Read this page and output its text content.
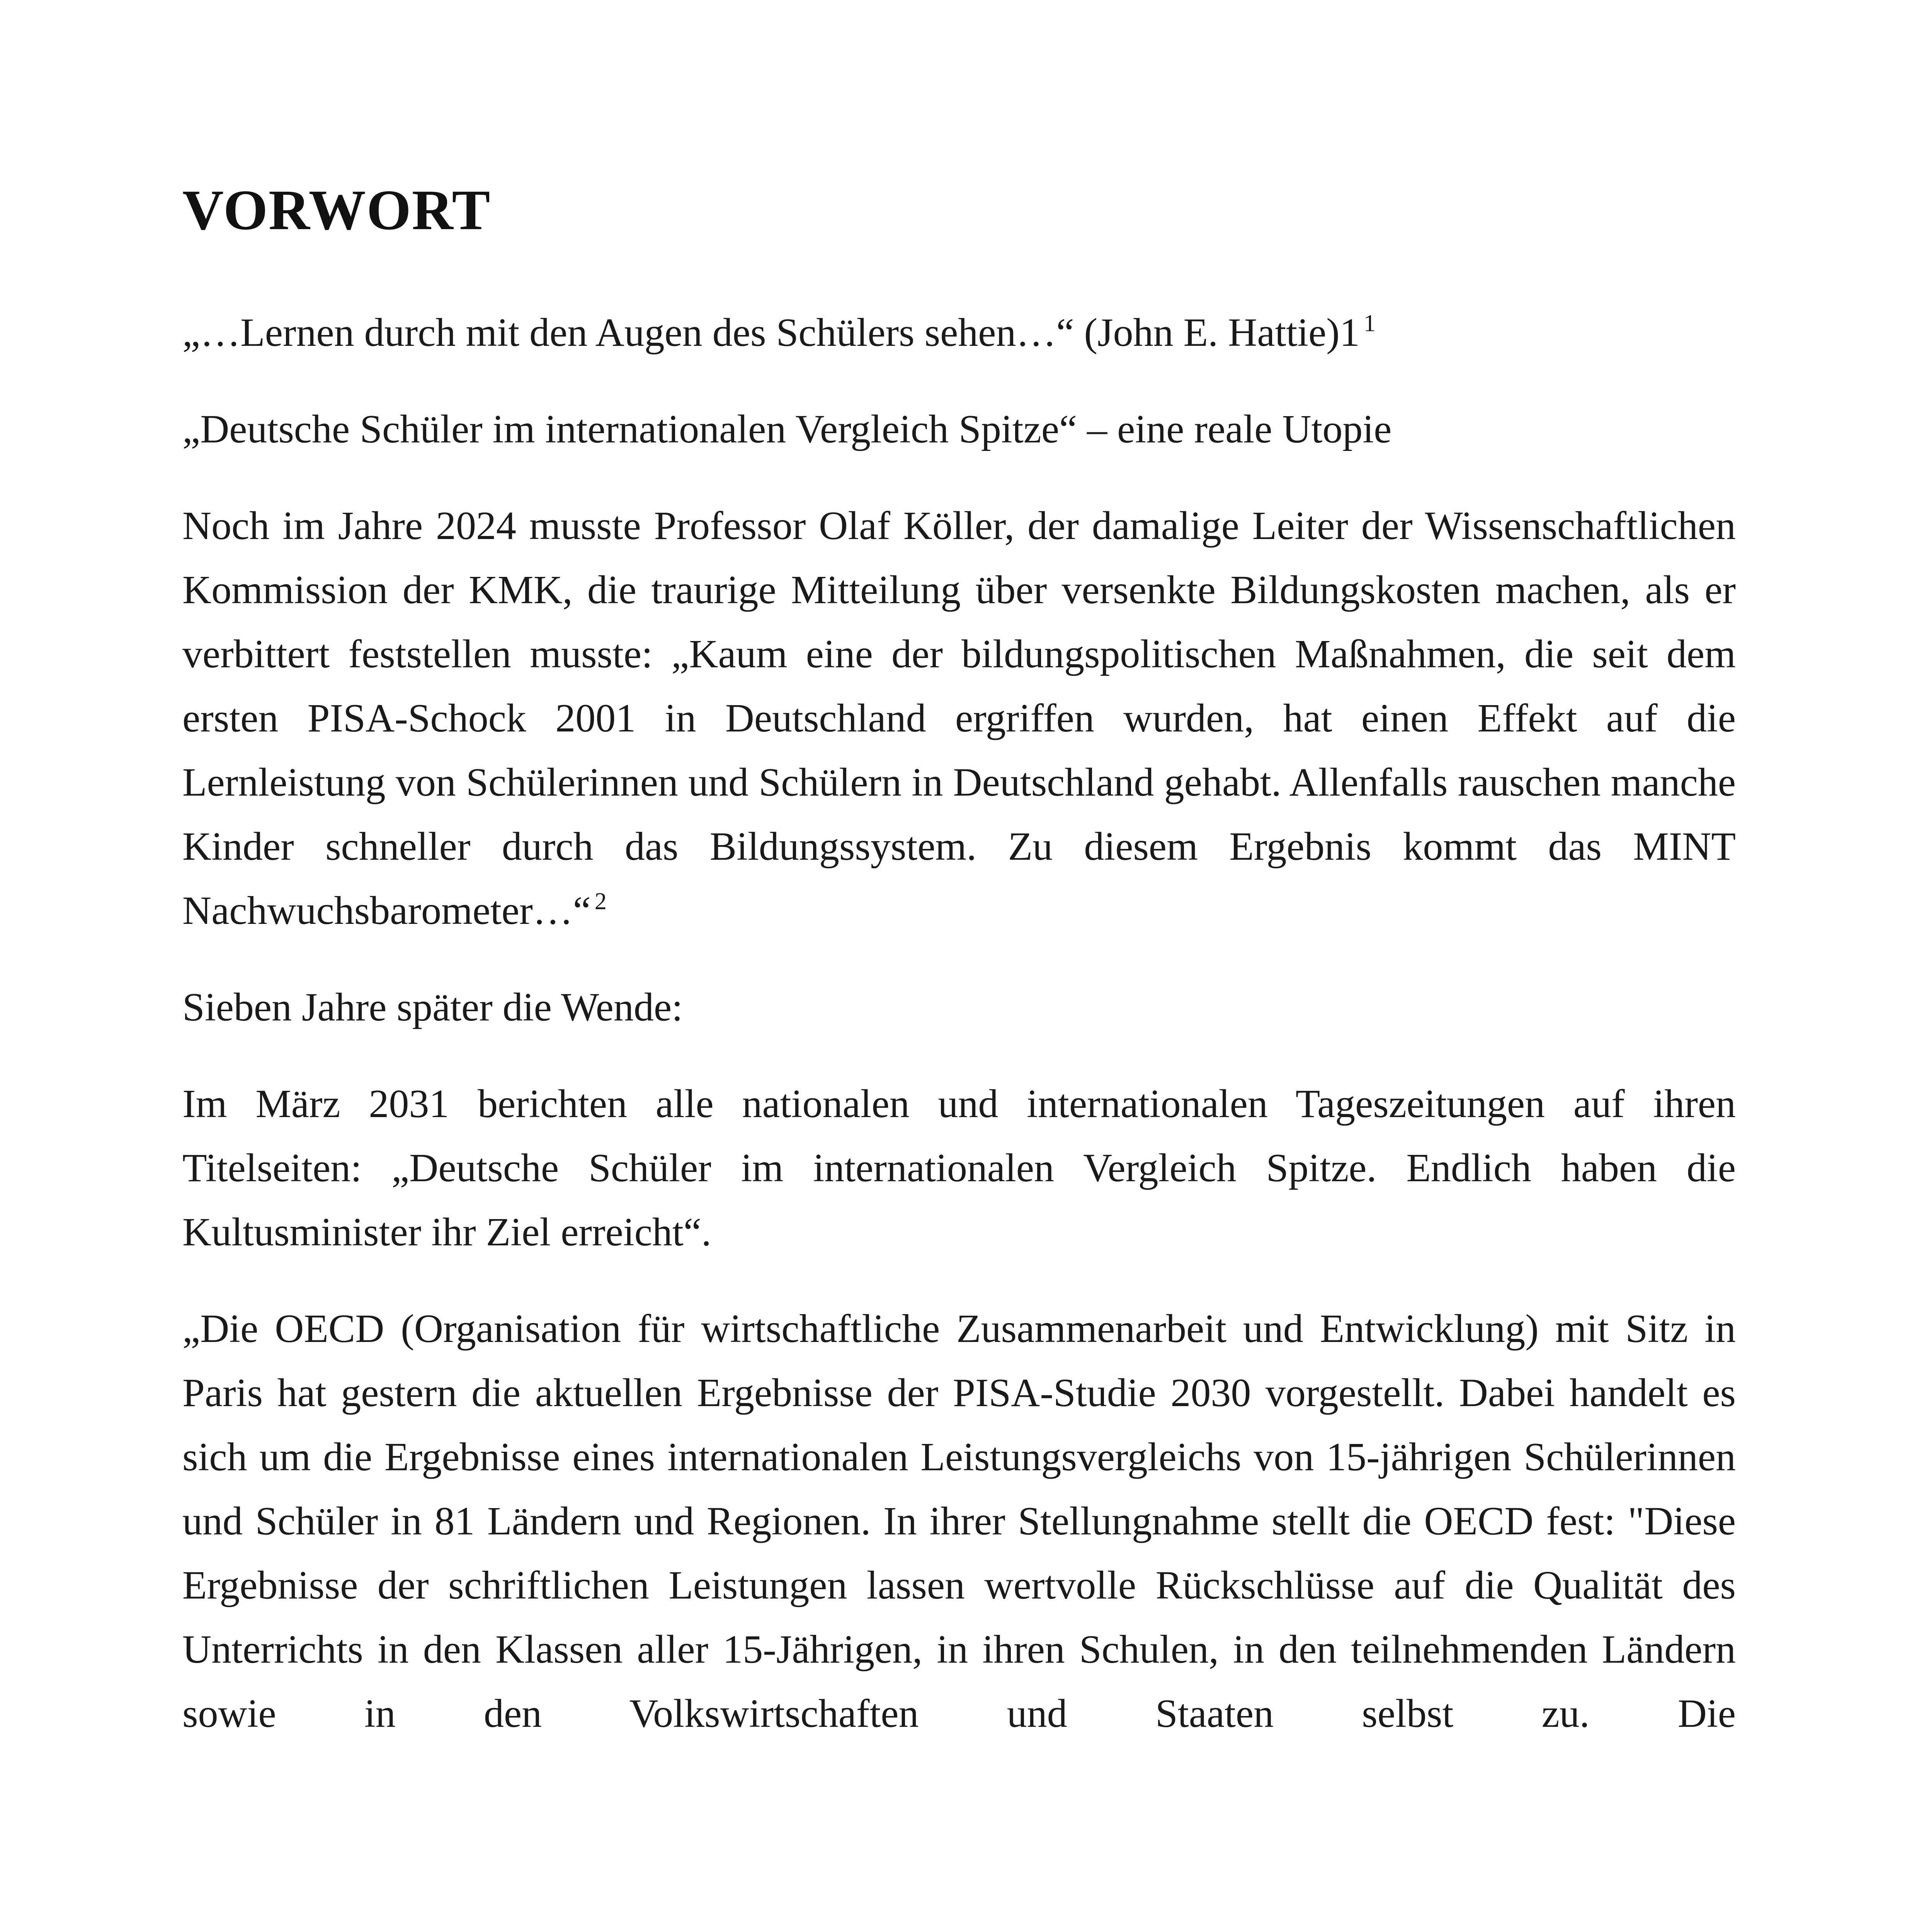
VORWORT
„…Lernen durch mit den Augen des Schülers sehen…“ (John E. Hattie)1 $^1$
„Deutsche Schüler im internationalen Vergleich Spitze“ – eine reale Utopie

Noch im Jahre 2024 musste Professor Olaf Köller, der damalige Leiter der Wissenschaftlichen Kommission der KMK, die traurige Mitteilung über versenkte Bildungskosten machen, als er verbittert feststellen musste: „Kaum eine der bildungspolitischen Maßnahmen, die seit dem ersten PISA-Schock 2001 in Deutschland ergriffen wurden, hat einen Effekt auf die Lernleistung von Schülerinnen und Schülern in Deutschland gehabt. Allenfalls rauschen manche Kinder schneller durch das Bildungssystem. Zu diesem Ergebnis kommt das MINT Nachwuchsbarometer…“ $^2$

Sieben Jahre später die Wende:

Im März 2031 berichten alle nationalen und internationalen Tageszeitungen auf ihren Titelseiten: „Deutsche Schüler im internationalen Vergleich Spitze. Endlich haben die Kultusminister ihr Ziel erreicht“.

„Die OECD (Organisation für wirtschaftliche Zusammenarbeit und Entwicklung) mit Sitz in Paris hat gestern die aktuellen Ergebnisse der PISA-Studie 2030 vorgestellt. Dabei handelt es sich um die Ergebnisse eines internationalen Leistungsvergleichs von 15-jährigen Schülerinnen und Schüler in 81 Ländern und Regionen. In ihrer Stellungnahme stellt die OECD fest: "Diese Ergebnisse der schriftlichen Leistungen lassen wertvolle Rückschlüsse auf die Qualität des Unterrichts in den Klassen aller 15-Jährigen, in ihren Schulen, in den teilnehmenden Ländern sowie in den Volkswirtschaften und Staaten selbst zu. Die
